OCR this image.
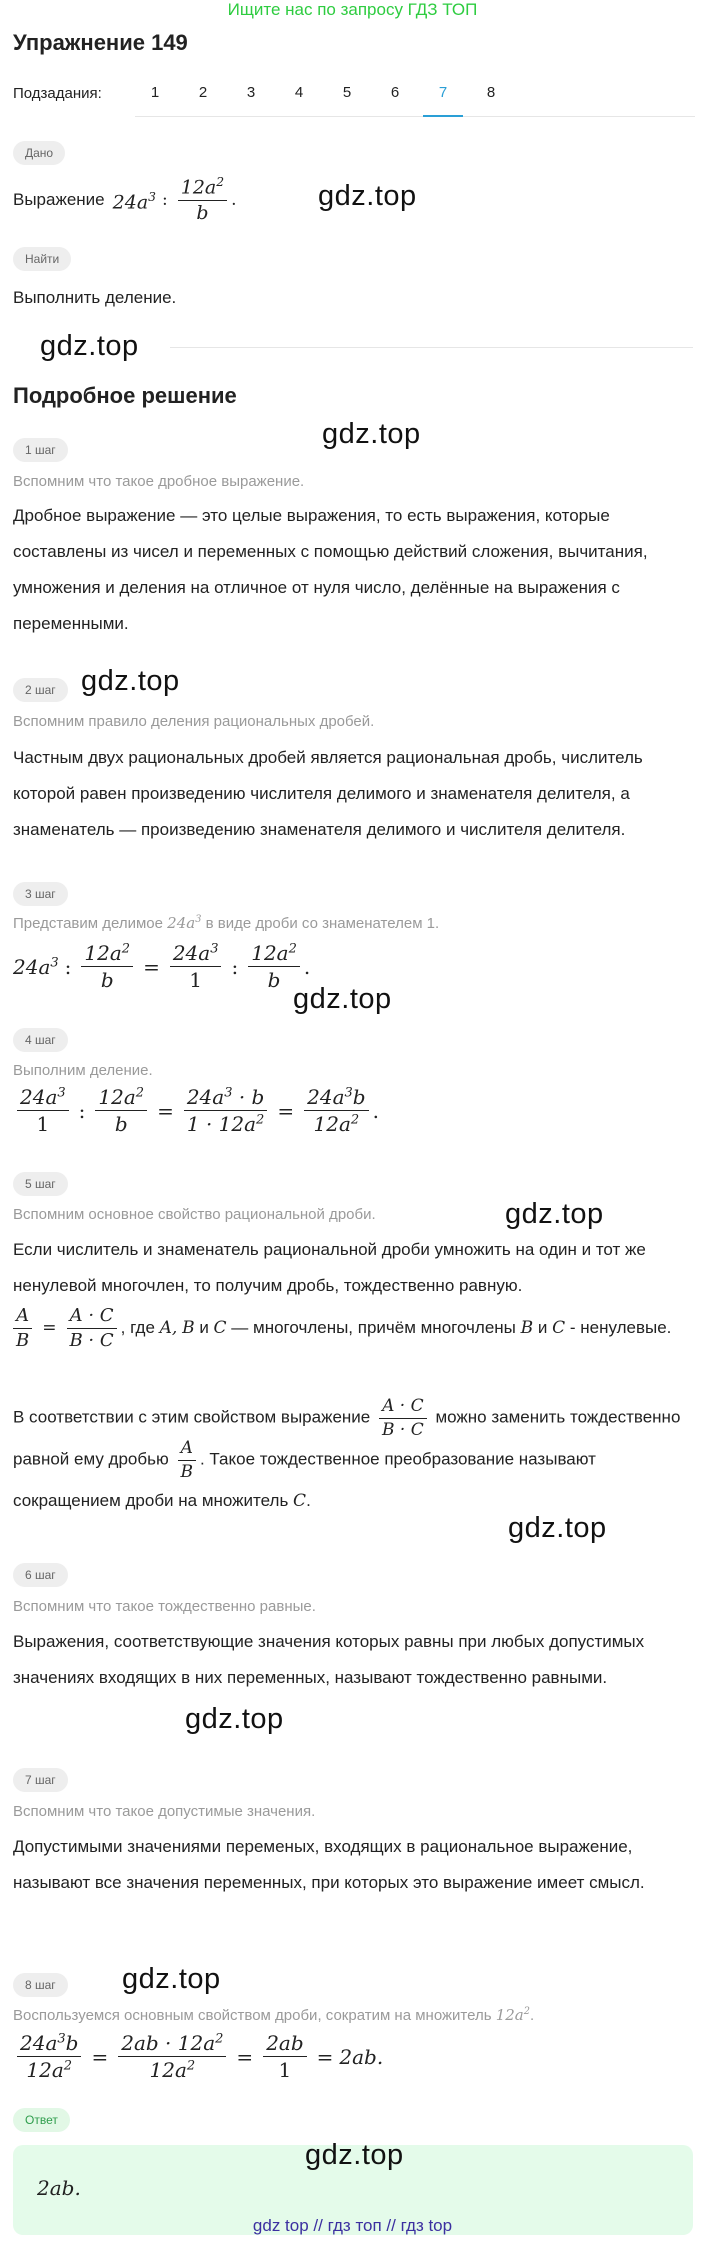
Ищите нас по запросу ГДЗ ТОП
Упражнение 149
Подзадания:	1	2	3	4	5	6	7	8
Дано
Выражение $24a^3$ : $\frac{12a^2}{b}$ .	gdz.top
Найти
Выполнить деление.
gdz.top
Подробное решение
gdz.top
1 шаг
Вспомним что такое дробное выражение.
Дробное выражение — это целые выражения, то есть выражения, которые составлены из чисел и переменных с помощью действий сложения, вычитания, умножения и деления на отличное от нуля число, делённые на выражения с переменными.
2 шаг gdz.top
Вспомним правило деления рациональных дробей.
Частным двух рациональных дробей является рациональная дробь, числитель которой равен произведению числителя делимого и знаменателя делителя, а знаменатель — произведению знаменателя делимого и числителя делителя.
3 шаг
Представим делимое $24a^3$ в виде дроби со знаменателем 1.
$24a^3$ : $\frac{12a^2}{b} = \frac{24a^3}{1}$ : $\frac{12a^2}{b}$ .
gdz.top
4 шаг
Выполним деление.
$\frac{24a^3}{1}$ : $\frac{12a^2}{b} = \frac{24a^3 \cdot b}{1 \cdot 12a^2} = \frac{24a^3b}{12a^2}$ .
5 шаг
gdz.top
Вспомним основное свойство рациональной дроби.
Если числитель и знаменатель рациональной дроби умножить на один и тот же ненулевой многочлен, то получим дробь, тождественно равную.
$\frac{A}{B} = \frac{A \cdot C}{B \cdot C}$ , где A, B и C — многочлены, причём многочлены B и C - ненулевые.
В соответствии с этим свойством выражение $\frac{A \cdot C}{B \cdot C}$ можно заменить тождественно равной ему дробью $\frac{A}{B}$ . Такое тождественное преобразование называют сокращением дроби на множитель C.
gdz.top
6 шаг
Вспомним что такое тождественно равные.
Выражения, соответствующие значения которых равны при любых допустимых значениях входящих в них переменных, называют тождественно равными.
gdz.top
7 шаг
Вспомним что такое допустимые значения.
Допустимыми значениями переменых, входящих в рациональное выражение, называют все значения переменных, при которых это выражение имеет смысл.
8 шаг	gdz.top
Воспользуемся основным свойством дроби, сократим на множитель $12a^2$.
$\frac{24a^3b}{12a^2} = \frac{2ab \cdot 12a^2}{12a^2} = \frac{2ab}{1} = 2ab$.
Ответ
2ab.
gdz.top
gdz top // гдз топ // гдз top
